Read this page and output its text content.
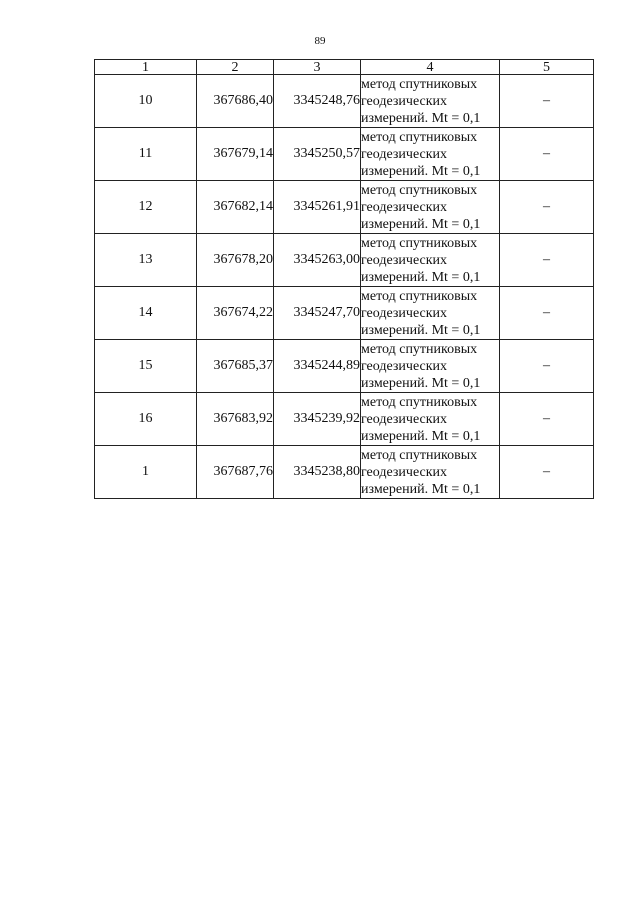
89
1	2	3	4	5
10	367686,40	3345248,76	метод спутниковых
геодезических
измерений. Mt = 0,1	–
11	367679,14	3345250,57	метод спутниковых
геодезических
измерений. Mt = 0,1	–
12	367682,14	3345261,91	метод спутниковых
геодезических
измерений. Mt = 0,1	–
13	367678,20	3345263,00	метод спутниковых
геодезических
измерений. Mt = 0,1	–
14	367674,22	3345247,70	метод спутниковых
геодезических
измерений. Mt = 0,1	–
15	367685,37	3345244,89	метод спутниковых
геодезических
измерений. Mt = 0,1	–
16	367683,92	3345239,92	метод спутниковых
геодезических
измерений. Mt = 0,1	–
1	367687,76	3345238,80	метод спутниковых
геодезических
измерений. Mt = 0,1	–
